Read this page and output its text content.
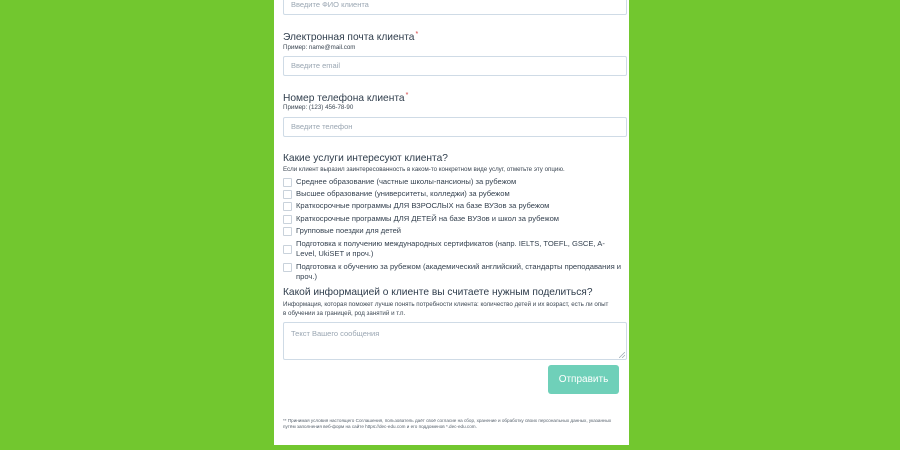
Введите ФИО клиента
Электронная почта клиента*
Пример: name@mail.com
Введите email
Номер телефона клиента*
Пример: (123) 456-78-90
Введите телефон
Какие услуги интересуют клиента?
Если клиент выразил заинтересованность в каком-то конкретном виде услуг, отметьте эту опцию.
Среднее образование (частные школы-пансионы) за рубежом
Высшее образование (университеты, колледжи) за рубежом
Краткосрочные программы ДЛЯ ВЗРОСЛЫХ на базе ВУЗов за рубежом
Краткосрочные программы ДЛЯ ДЕТЕЙ на базе ВУЗов и школ за рубежом
Групповые поездки для детей
Подготовка к получению международных сертификатов (напр. IELTS, TOEFL, GSCE, A-Level, UkiSET и проч.)
Подготовка к обучению за рубежом (академический английский, стандарты преподавания и проч.)
Какой информацией о клиенте вы считаете нужным поделиться?
Информация, которая поможет лучше понять потребности клиента: количество детей и их возраст, есть ли опыт в обучении за границей, род занятий и т.п.
Текст Вашего сообщения
Отправить
** Принимая условия настоящего Соглашения, пользователь даёт своё согласие на сбор, хранение и обработку своих персональных данных, указанных путём заполнения веб-форм на сайте https://dec-edu.com и его поддоменов *.dec-edu.com.
